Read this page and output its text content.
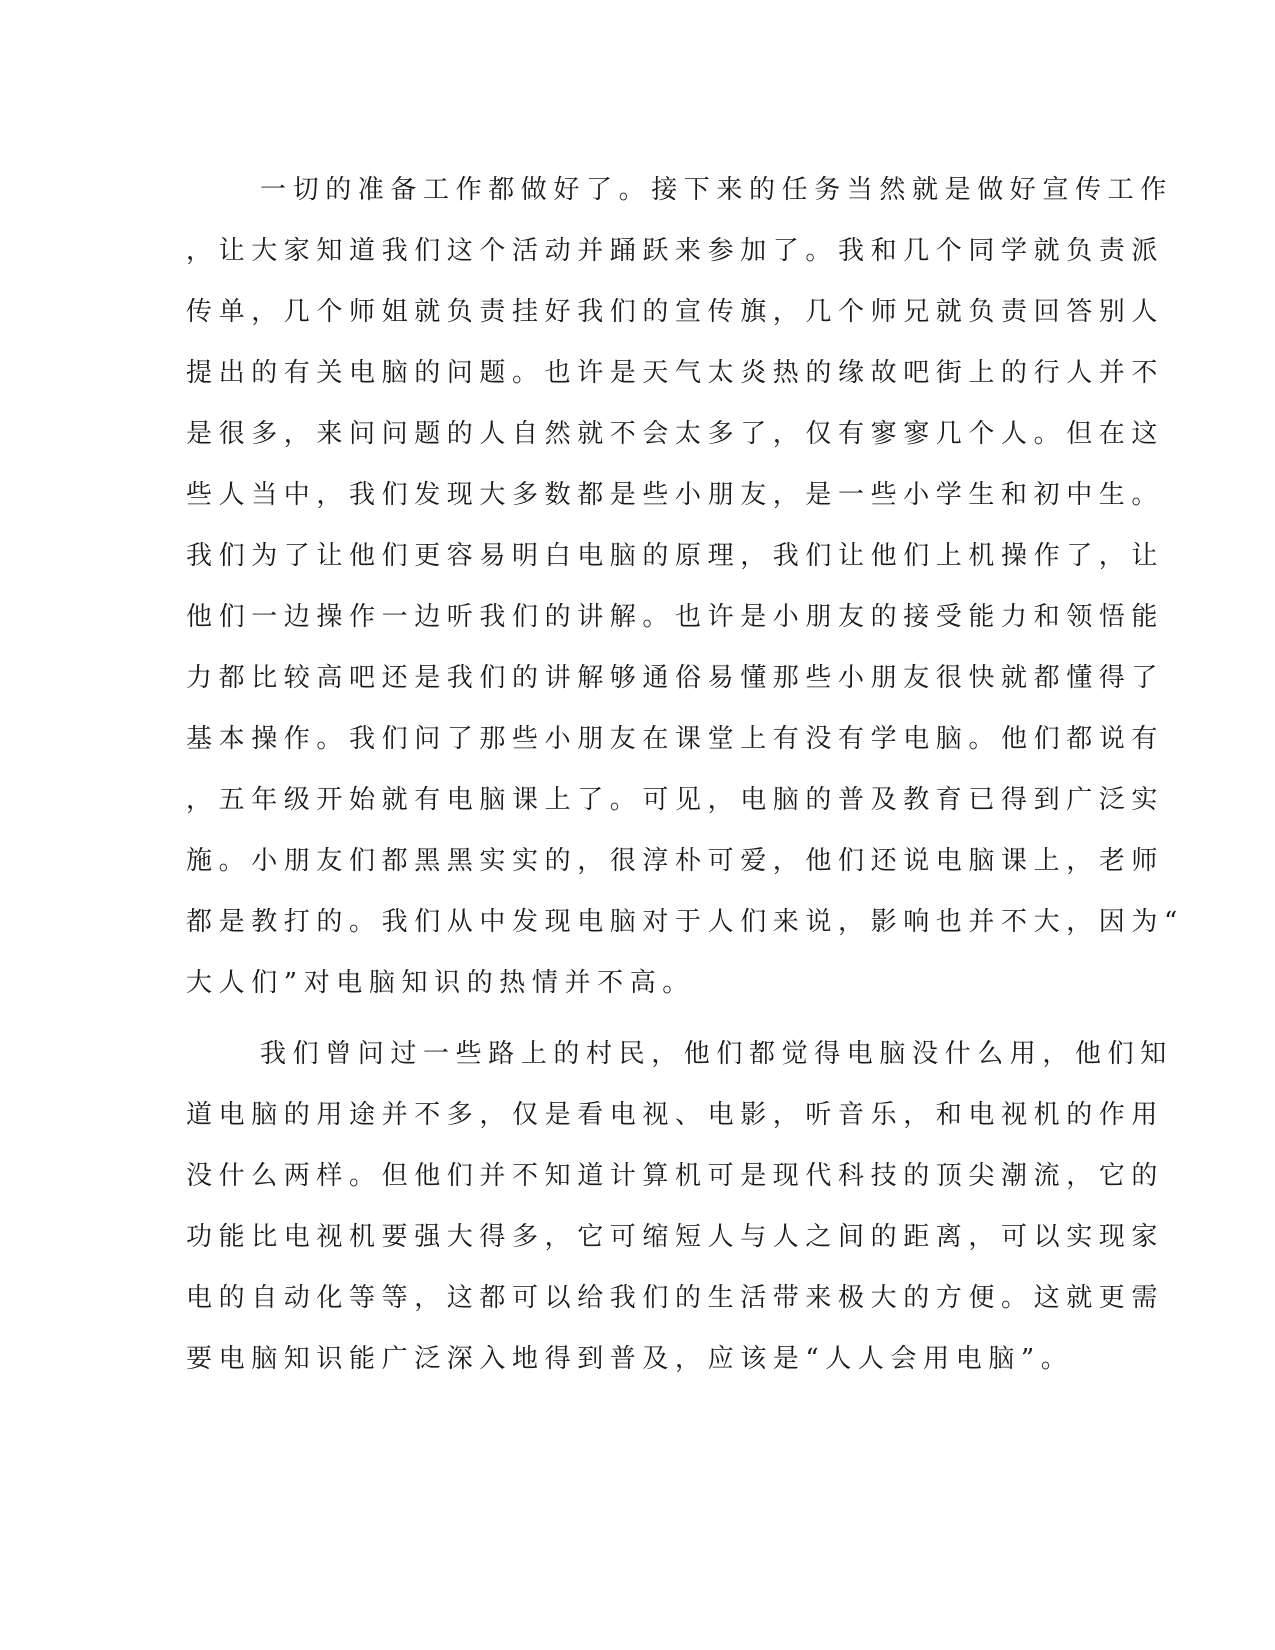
一切的准备工作都做好了。接下来的任务当然就是做好宣传工作
，让大家知道我们这个活动并踊跃来参加了。我和几个同学就负责派
传单，几个师姐就负责挂好我们的宣传旗，几个师兄就负责回答别人
提出的有关电脑的问题。也许是天气太炎热的缘故吧街上的行人并不
是很多，来问问题的人自然就不会太多了，仅有寥寥几个人。但在这
些人当中，我们发现大多数都是些小朋友，是一些小学生和初中生。
我们为了让他们更容易明白电脑的原理，我们让他们上机操作了，让
他们一边操作一边听我们的讲解。也许是小朋友的接受能力和领悟能
力都比较高吧还是我们的讲解够通俗易懂那些小朋友很快就都懂得了
基本操作。我们问了那些小朋友在课堂上有没有学电脑。他们都说有
，五年级开始就有电脑课上了。可见，电脑的普及教育已得到广泛实
施。小朋友们都黑黑实实的，很淳朴可爱，他们还说电脑课上，老师
都是教打的。我们从中发现电脑对于人们来说，影响也并不大，因为“
大人们”对电脑知识的热情并不高。
我们曾问过一些路上的村民，他们都觉得电脑没什么用，他们知
道电脑的用途并不多，仅是看电视、电影，听音乐，和电视机的作用
没什么两样。但他们并不知道计算机可是现代科技的顶尖潮流，它的
功能比电视机要强大得多，它可缩短人与人之间的距离，可以实现家
电的自动化等等，这都可以给我们的生活带来极大的方便。这就更需
要电脑知识能广泛深入地得到普及，应该是“人人会用电脑”。
